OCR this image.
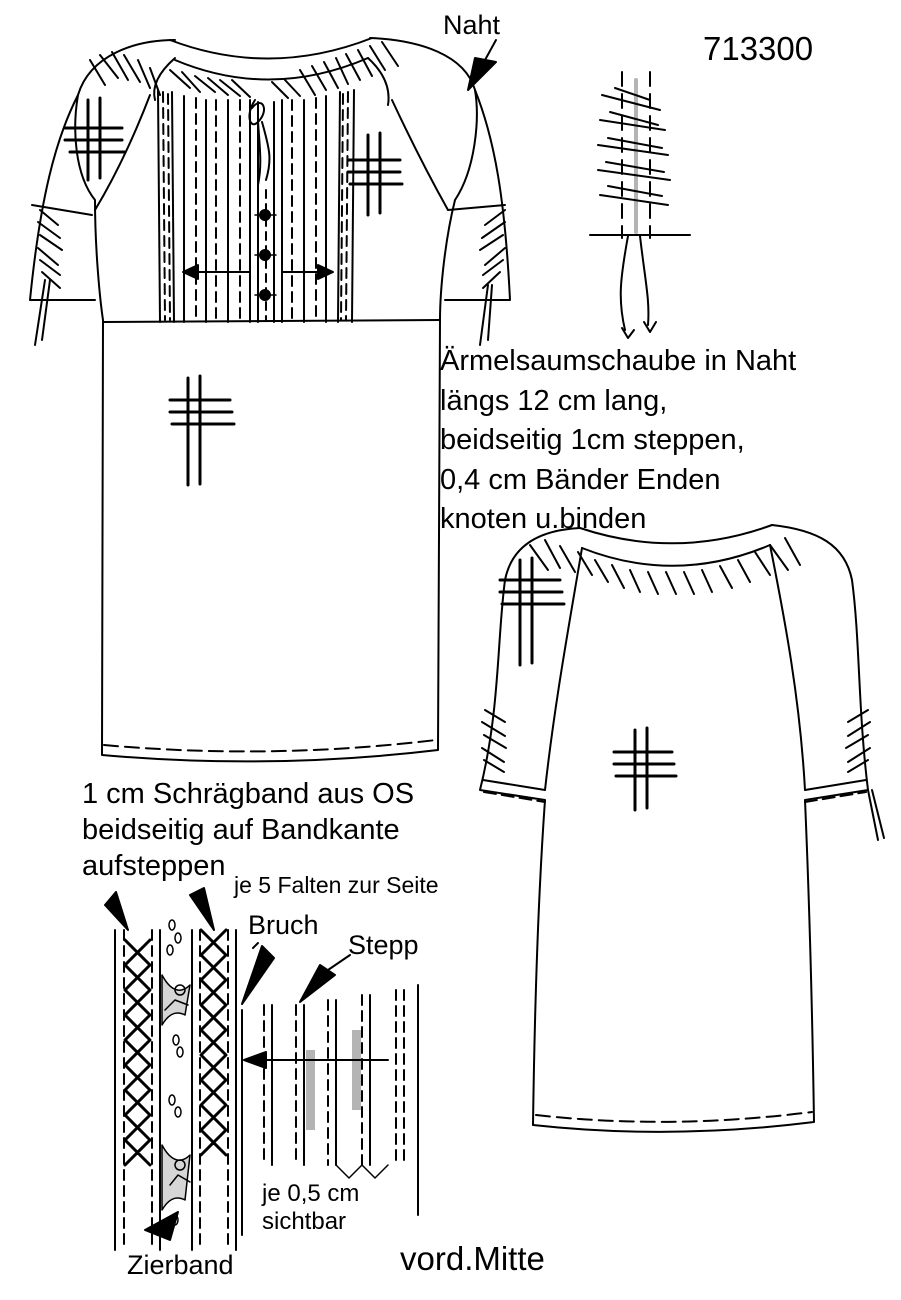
713300
Naht
Ärmelsaumschaube in Naht
längs 12 cm lang,
beidseitig 1cm steppen,
0,4 cm Bänder Enden
knoten u.binden
1 cm Schrägband aus OS
beidseitig auf Bandkante
aufsteppen
je 5 Falten zur Seite
Bruch
Stepp
je 0,5 cm
sichtbar
Zierband	vord.Mitte
